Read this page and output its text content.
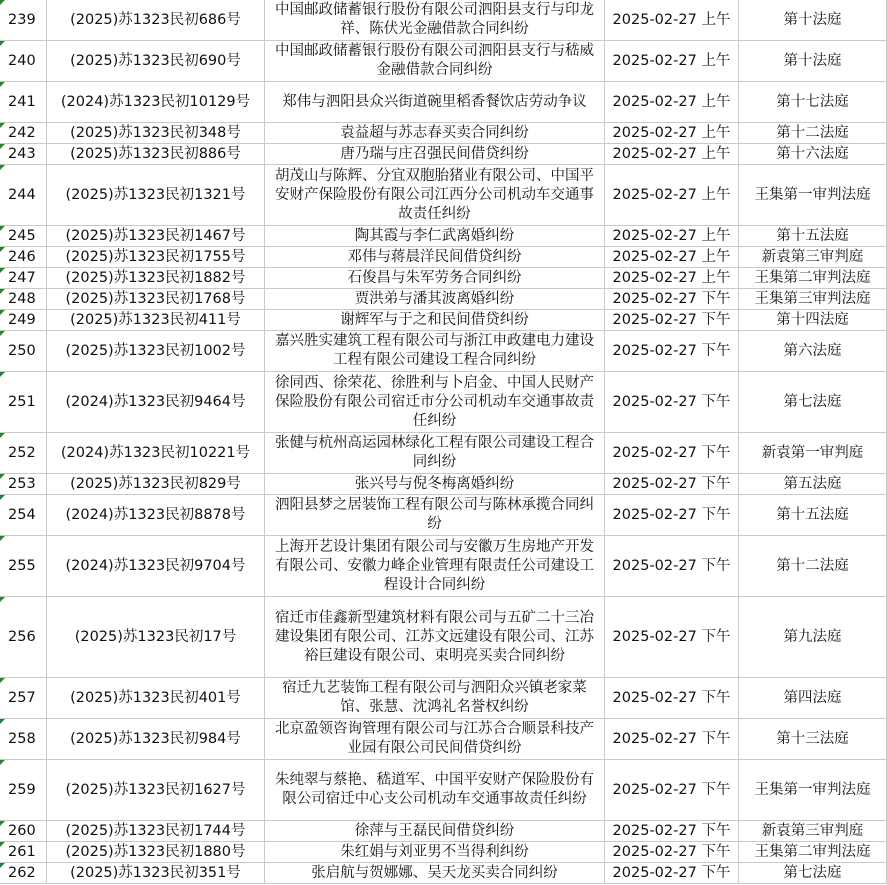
239	(2025)苏1323民初686号	中国邮政储蓄银行股份有限公司泗阳县支行与印龙祥、陈伏光金融借款合同纠纷	2025-02-27 上午	第十法庭
240	(2025)苏1323民初690号	中国邮政储蓄银行股份有限公司泗阳县支行与嵇威金融借款合同纠纷	2025-02-27 上午	第十法庭
241	(2024)苏1323民初10129号	郑伟与泗阳县众兴街道碗里稻香餐饮店劳动争议	2025-02-27 上午	第十七法庭
242	(2025)苏1323民初348号	袁益超与苏志春买卖合同纠纷	2025-02-27 上午	第十二法庭
243	(2025)苏1323民初886号	唐乃瑞与庄召强民间借贷纠纷	2025-02-27 上午	第十六法庭
244	(2025)苏1323民初1321号	胡茂山与陈辉、分宜双胞胎猪业有限公司、中国平安财产保险股份有限公司江西分公司机动车交通事故责任纠纷	2025-02-27 上午	王集第一审判法庭
245	(2025)苏1323民初1467号	陶其霞与李仁武离婚纠纷	2025-02-27 上午	第十五法庭
246	(2025)苏1323民初1755号	邓伟与蒋晨洋民间借贷纠纷	2025-02-27 上午	新袁第三审判庭
247	(2025)苏1323民初1882号	石俊昌与朱军劳务合同纠纷	2025-02-27 上午	王集第二审判法庭
248	(2025)苏1323民初1768号	贾洪弟与潘其波离婚纠纷	2025-02-27 下午	王集第三审判法庭
249	(2025)苏1323民初411号	谢辉军与于之和民间借贷纠纷	2025-02-27 下午	第十四法庭
250	(2025)苏1323民初1002号	嘉兴胜实建筑工程有限公司与浙江申政建电力建设工程有限公司建设工程合同纠纷	2025-02-27 下午	第六法庭
251	(2024)苏1323民初9464号	徐同西、徐荣花、徐胜利与卜启金、中国人民财产保险股份有限公司宿迁市分公司机动车交通事故责任纠纷	2025-02-27 下午	第七法庭
252	(2024)苏1323民初10221号	张健与杭州高运园林绿化工程有限公司建设工程合同纠纷	2025-02-27 下午	新袁第一审判庭
253	(2025)苏1323民初829号	张兴号与倪冬梅离婚纠纷	2025-02-27 下午	第五法庭
254	(2024)苏1323民初8878号	泗阳县梦之居装饰工程有限公司与陈林承揽合同纠纷	2025-02-27 下午	第十五法庭
255	(2024)苏1323民初9704号	上海开艺设计集团有限公司与安徽万生房地产开发有限公司、安徽力峰企业管理有限责任公司建设工程设计合同纠纷	2025-02-27 下午	第十二法庭
256	(2025)苏1323民初17号	宿迁市佳鑫新型建筑材料有限公司与五矿二十三冶建设集团有限公司、江苏文远建设有限公司、江苏裕巨建设有限公司、束明亮买卖合同纠纷	2025-02-27 下午	第九法庭
257	(2025)苏1323民初401号	宿迁九艺装饰工程有限公司与泗阳众兴镇老家菜馆、张慧、沈鸿礼名誉权纠纷	2025-02-27 下午	第四法庭
258	(2025)苏1323民初984号	北京盈领咨询管理有限公司与江苏合合顺景科技产业园有限公司民间借贷纠纷	2025-02-27 下午	第十三法庭
259	(2025)苏1323民初1627号	朱纯翠与蔡艳、嵇道军、中国平安财产保险股份有限公司宿迁中心支公司机动车交通事故责任纠纷	2025-02-27 下午	王集第一审判法庭
260	(2025)苏1323民初1744号	徐萍与王磊民间借贷纠纷	2025-02-27 下午	新袁第三审判庭
261	(2025)苏1323民初1880号	朱红娟与刘亚男不当得利纠纷	2025-02-27 下午	王集第二审判法庭
262	(2025)苏1323民初351号	张启航与贺娜娜、吴天龙买卖合同纠纷	2025-02-27 下午	第七法庭
